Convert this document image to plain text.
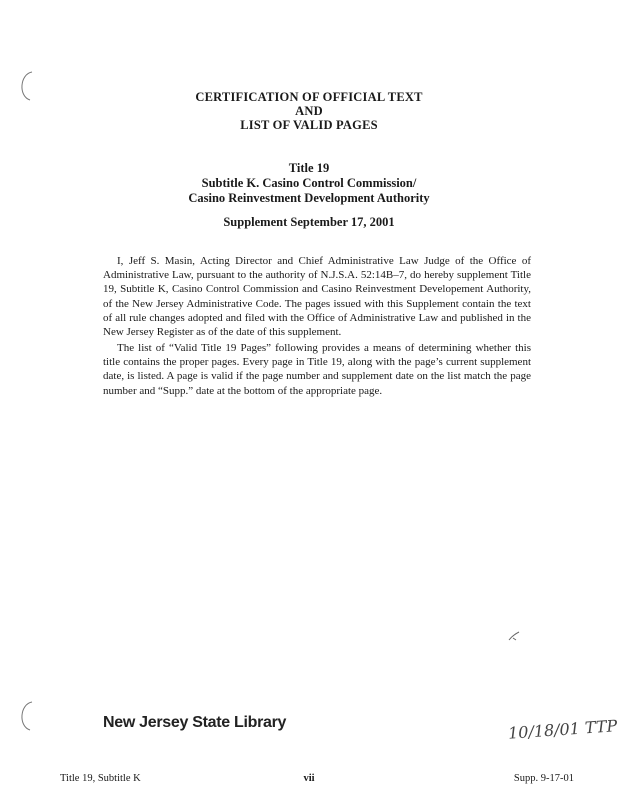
CERTIFICATION OF OFFICIAL TEXT
AND
LIST OF VALID PAGES
Title 19
Subtitle K. Casino Control Commission/
Casino Reinvestment Development Authority
Supplement September 17, 2001

I, Jeff S. Masin, Acting Director and Chief Administrative Law Judge of the Office of Administrative Law, pursuant to the authority of N.J.S.A. 52:14B–7, do hereby supplement Title 19, Subtitle K, Casino Control Commission and Casino Reinvestment Developement Authority, of the New Jersey Administrative Code. The pages issued with this Supplement contain the text of all rule changes adopted and filed with the Office of Administrative Law and published in the New Jersey Register as of the date of this supplement.

The list of “Valid Title 19 Pages” following provides a means of determining whether this title contains the proper pages. Every page in Title 19, along with the page’s current supplement date, is listed. A page is valid if the page number and supplement date on the list match the page number and “Supp.” date at the bottom of the appropriate page.

New Jersey State Library	10/18/01 TTP
Title 19, Subtitle K	vii	Supp. 9-17-01
